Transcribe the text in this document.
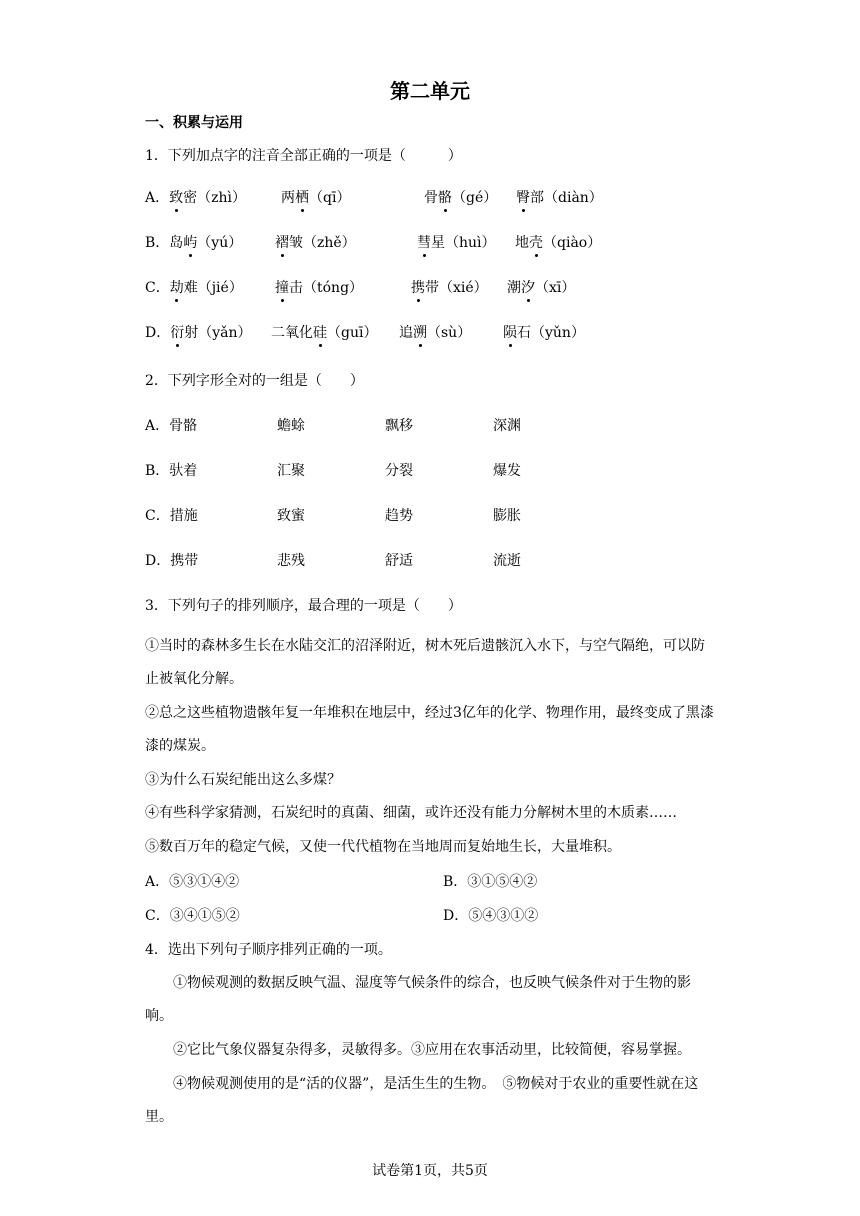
第二单元
一、积累与运用
1．下列加点字的注音全部正确的一项是（　　　）
A．致密（zhì）	两栖（qī）	骨骼（gé） 臀部（diàn）
B．岛屿（yú） 褶皱（zhě）	彗星（huì） 地壳（qiào）
C．劫难（jié） 撞击（tóng）	携带（xié） 潮汐（xī）
D．衍射（yǎn） 二氧化硅（guī） 追溯（sù） 陨石（yǔn）
2．下列字形全对的一组是（　　）
A．骨骼	蟾蜍	飘移	深渊
B．驮着	汇聚	分裂	爆发
C．措施	致蜜	趋势	膨胀
D．携带	悲残	舒适	流逝
3．下列句子的排列顺序，最合理的一项是（　　）
①当时的森林多生长在水陆交汇的沼泽附近，树木死后遗骸沉入水下，与空气隔绝，可以防止被氧化分解。
②总之这些植物遗骸年复一年堆积在地层中，经过3亿年的化学、物理作用，最终变成了黑漆漆的煤炭。
③为什么石炭纪能出这么多煤？
④有些科学家猜测，石炭纪时的真菌、细菌，或许还没有能力分解树木里的木质素……
⑤数百万年的稳定气候，又使一代代植物在当地周而复始地生长，大量堆积。
A．⑤③①④②	B．③①⑤④②
C．③④①⑤②	D．⑤④③①②
4．选出下列句子顺序排列正确的一项。
①物候观测的数据反映气温、湿度等气候条件的综合，也反映气候条件对于生物的影响。
②它比气象仪器复杂得多，灵敏得多。③应用在农事活动里，比较简便，容易掌握。
④物候观测使用的是“活的仪器”，是活生生的生物。　⑤物候对于农业的重要性就在这里。
试卷第1页，共5页
